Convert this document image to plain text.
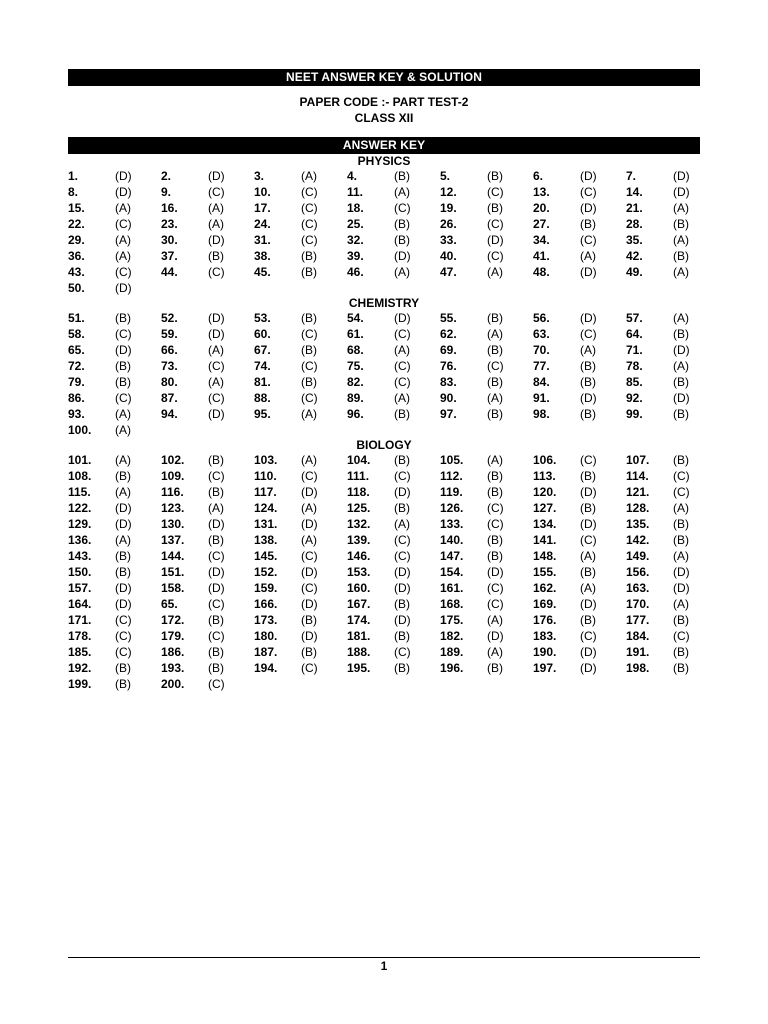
NEET ANSWER KEY & SOLUTION
PAPER CODE :- PART TEST-2
CLASS XII
ANSWER KEY
PHYSICS
1.	(D)	2.	(D)	3.	(A)	4.	(B)	5.	(B)	6.	(D)	7.	(D)
8.	(D)	9.	(C)	10.	(C)	11.	(A)	12.	(C)	13.	(C)	14.	(D)
15.	(A)	16.	(A)	17.	(C)	18.	(C)	19.	(B)	20.	(D)	21.	(A)
22.	(C)	23.	(A)	24.	(C)	25.	(B)	26.	(C)	27.	(B)	28.	(B)
29.	(A)	30.	(D)	31.	(C)	32.	(B)	33.	(D)	34.	(C)	35.	(A)
36.	(A)	37.	(B)	38.	(B)	39.	(D)	40.	(C)	41.	(A)	42.	(B)
43.	(C)	44.	(C)	45.	(B)	46.	(A)	47.	(A)	48.	(D)	49.	(A)
50.	(D)
CHEMISTRY
51.	(B)	52.	(D)	53.	(B)	54.	(D)	55.	(B)	56.	(D)	57.	(A)
58.	(C)	59.	(D)	60.	(C)	61.	(C)	62.	(A)	63.	(C)	64.	(B)
65.	(D)	66.	(A)	67.	(B)	68.	(A)	69.	(B)	70.	(A)	71.	(D)
72.	(B)	73.	(C)	74.	(C)	75.	(C)	76.	(C)	77.	(B)	78.	(A)
79.	(B)	80.	(A)	81.	(B)	82.	(C)	83.	(B)	84.	(B)	85.	(B)
86.	(C)	87.	(C)	88.	(C)	89.	(A)	90.	(A)	91.	(D)	92.	(D)
93.	(A)	94.	(D)	95.	(A)	96.	(B)	97.	(B)	98.	(B)	99.	(B)
100.	(A)
BIOLOGY
101.	(A)	102.	(B)	103.	(A)	104.	(B)	105.	(A)	106.	(C)	107.	(B)
108.	(B)	109.	(C)	110.	(C)	111.	(C)	112.	(B)	113.	(B)	114.	(C)
115.	(A)	116.	(B)	117.	(D)	118.	(D)	119.	(B)	120.	(D)	121.	(C)
122.	(D)	123.	(A)	124.	(A)	125.	(B)	126.	(C)	127.	(B)	128.	(A)
129.	(D)	130.	(D)	131.	(D)	132.	(A)	133.	(C)	134.	(D)	135.	(B)
136.	(A)	137.	(B)	138.	(A)	139.	(C)	140.	(B)	141.	(C)	142.	(B)
143.	(B)	144.	(C)	145.	(C)	146.	(C)	147.	(B)	148.	(A)	149.	(A)
150.	(B)	151.	(D)	152.	(D)	153.	(D)	154.	(D)	155.	(B)	156.	(D)
157.	(D)	158.	(D)	159.	(C)	160.	(D)	161.	(C)	162.	(A)	163.	(D)
164.	(D)	65.	(C)	166.	(D)	167.	(B)	168.	(C)	169.	(D)	170.	(A)
171.	(C)	172.	(B)	173.	(B)	174.	(D)	175.	(A)	176.	(B)	177.	(B)
178.	(C)	179.	(C)	180.	(D)	181.	(B)	182.	(D)	183.	(C)	184.	(C)
185.	(C)	186.	(B)	187.	(B)	188.	(C)	189.	(A)	190.	(D)	191.	(B)
192.	(B)	193.	(B)	194.	(C)	195.	(B)	196.	(B)	197.	(D)	198.	(B)
199.	(B)	200.	(C)
1
